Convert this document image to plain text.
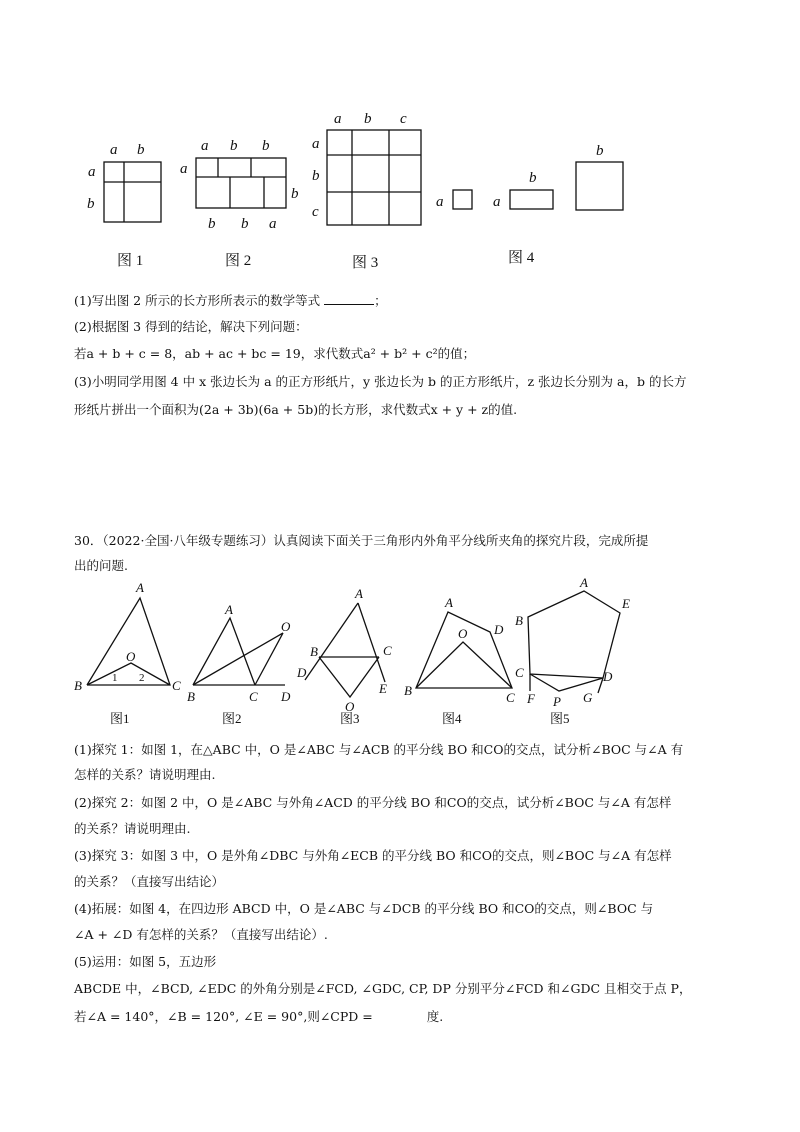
a b
a
b
图 1
a b b
a
b
b b a
图 2
a b c
a
b
c
图 3
a	a
b
b
图 4
(1)写出图 2 所示的长方形所表示的数学等式	；
(2)根据图 3 得到的结论，解决下列问题：
若a + b + c = 8，ab + ac + bc = 19，求代数式a² + b² + c²的值；
(3)小明同学用图 4 中 x 张边长为 a 的正方形纸片，y 张边长为 b 的正方形纸片，z 张边长分别为 a，b 的长方
形纸片拼出一个面积为(2a + 3b)(6a + 5b)的长方形，求代数式x + y + z的值.
30．（2022·全国·八年级专题练习）认真阅读下面关于三角形内外角平分线所夹角的探究片段，完成所提
出的问题.
A
O
B	C
1 2
图1
A
O
B	C D
图2
A
B	C
D
E
O
图3
A
D
O
B	C
图4
A
E
B
C	D
F P G
图5
(1)探究 1：如图 1，在△ABC 中，O 是∠ABC 与∠ACB 的平分线 BO 和CO的交点，试分析∠BOC 与∠A 有
怎样的关系？请说明理由.
(2)探究 2：如图 2 中，O 是∠ABC 与外角∠ACD 的平分线 BO 和CO的交点，试分析∠BOC 与∠A 有怎样
的关系？请说明理由.
(3)探究 3：如图 3 中，O 是外角∠DBC 与外角∠ECB 的平分线 BO 和CO的交点，则∠BOC 与∠A 有怎样
的关系？（直接写出结论）
(4)拓展：如图 4，在四边形 ABCD 中，O 是∠ABC 与∠DCB 的平分线 BO 和CO的交点，则∠BOC 与
∠A + ∠D 有怎样的关系？（直接写出结论）.
(5)运用：如图 5，五边形
ABCDE 中，∠BCD, ∠EDC 的外角分别是∠FCD, ∠GDC, CP, DP 分别平分∠FCD 和∠GDC 且相交于点 P，
若∠A = 140°，∠B = 120°, ∠E = 90°,则∠CPD =	度.
